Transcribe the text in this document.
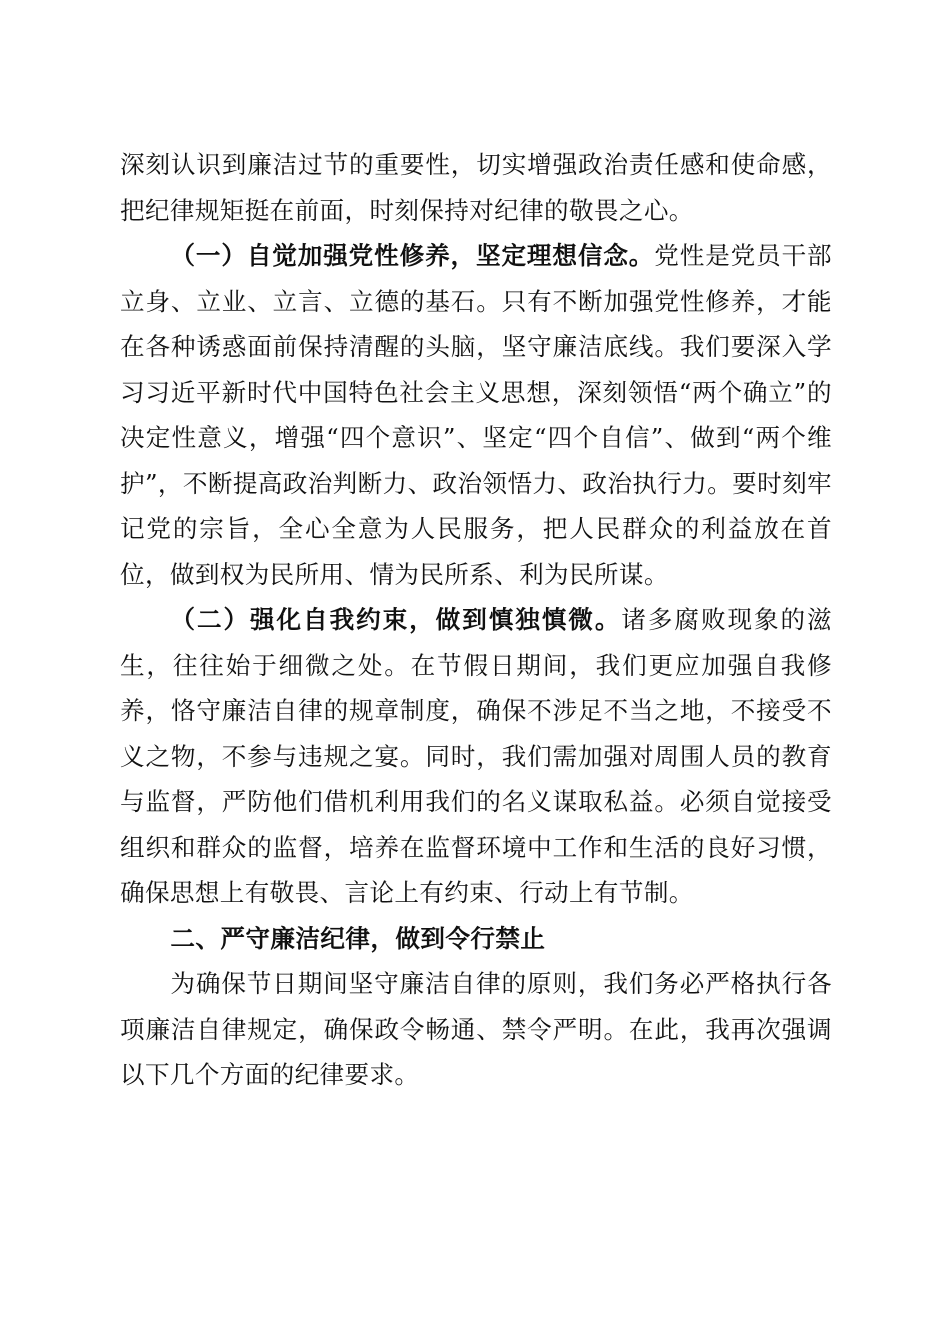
深刻认识到廉洁过节的重要性，切实增强政治责任感和使命感，把纪律规矩挺在前面，时刻保持对纪律的敬畏之心。

（一）自觉加强党性修养，坚定理想信念。党性是党员干部立身、立业、立言、立德的基石。只有不断加强党性修养，才能在各种诱惑面前保持清醒的头脑，坚守廉洁底线。我们要深入学习习近平新时代中国特色社会主义思想，深刻领悟“两个确立”的决定性意义，增强“四个意识”、坚定“四个自信”、做到“两个维护”，不断提高政治判断力、政治领悟力、政治执行力。要时刻牢记党的宗旨，全心全意为人民服务，把人民群众的利益放在首位，做到权为民所用、情为民所系、利为民所谋。

（二）强化自我约束，做到慎独慎微。诸多腐败现象的滋生，往往始于细微之处。在节假日期间，我们更应加强自我修养，恪守廉洁自律的规章制度，确保不涉足不当之地，不接受不义之物，不参与违规之宴。同时，我们需加强对周围人员的教育与监督，严防他们借机利用我们的名义谋取私益。必须自觉接受组织和群众的监督，培养在监督环境中工作和生活的良好习惯，确保思想上有敬畏、言论上有约束、行动上有节制。

二、严守廉洁纪律，做到令行禁止

为确保节日期间坚守廉洁自律的原则，我们务必严格执行各项廉洁自律规定，确保政令畅通、禁令严明。在此，我再次强调以下几个方面的纪律要求。
